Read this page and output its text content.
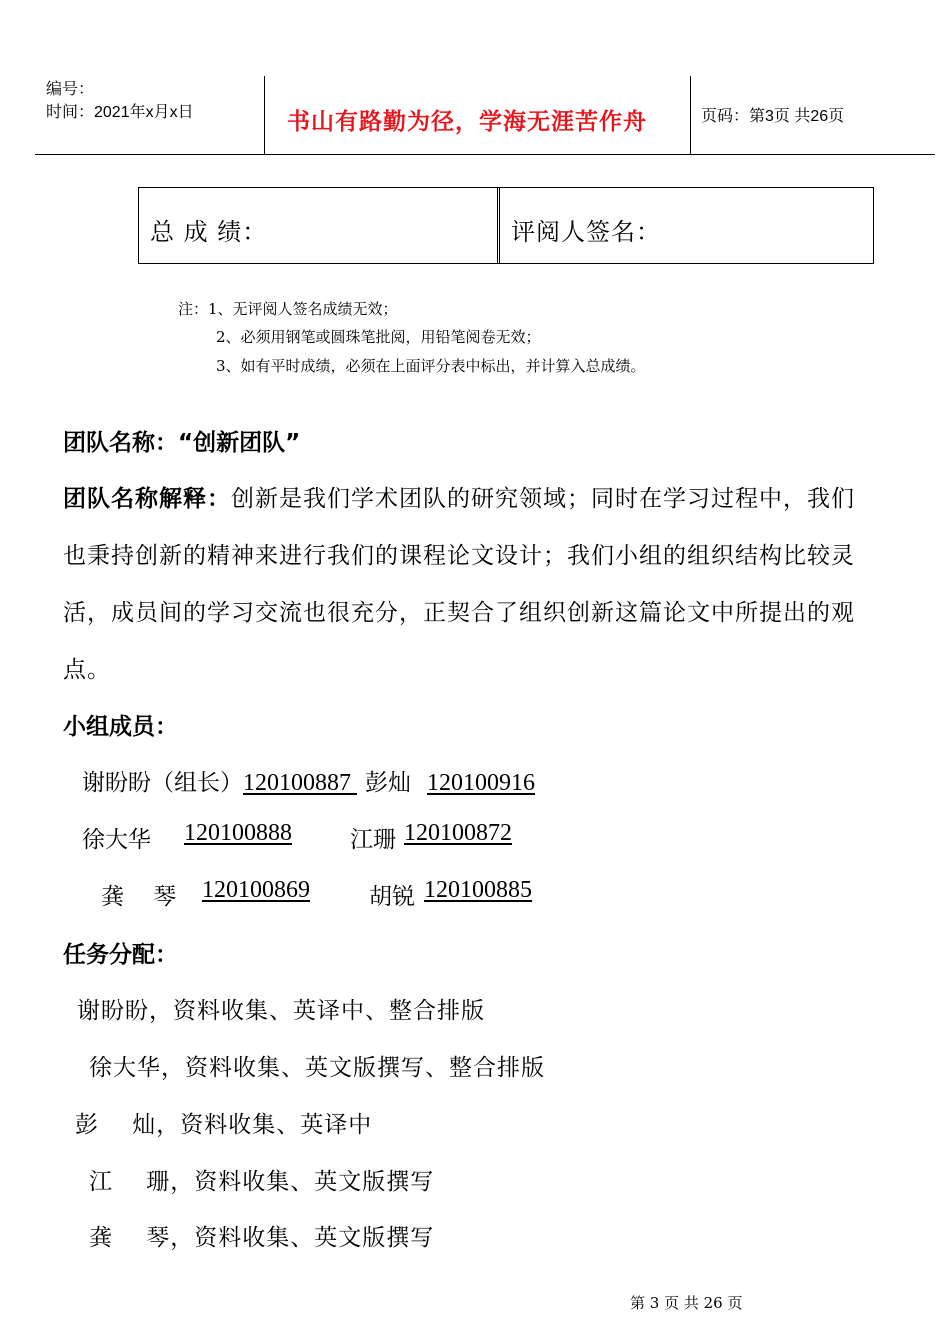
编号：
时间：2021年x月x日	书山有路勤为径，学海无涯苦作舟	页码：第3页 共26页
总 成 绩：	评阅人签名：
注：1、无评阅人签名成绩无效；
2、必须用钢笔或圆珠笔批阅，用铅笔阅卷无效；
3、如有平时成绩，必须在上面评分表中标出，并计算入总成绩。
团队名称：“创新团队”
团队名称解释：创新是我们学术团队的研究领域；同时在学习过程中，我们
也秉持创新的精神来进行我们的课程论文设计；我们小组的组织结构比较灵
活，成员间的学习交流也很充分，正契合了组织创新这篇论文中所提出的观
点。
小组成员：
谢盼盼（组长）120100887 彭灿 120100916
徐大华 120100888	江珊 120100872
龚    琴 120100869	胡锐 120100885
任务分配：
谢盼盼，资料收集、英译中、整合排版
徐大华，资料收集、英文版撰写、整合排版
彭    灿，资料收集、英译中
江    珊，资料收集、英文版撰写
龚    琴，资料收集、英文版撰写
第 3 页 共 26 页
